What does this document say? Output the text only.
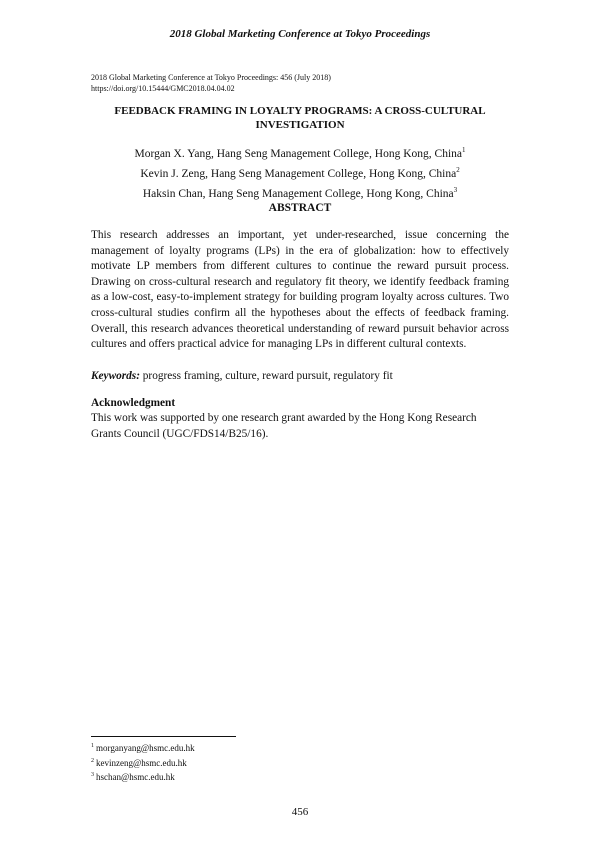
2018 Global Marketing Conference at Tokyo Proceedings
2018 Global Marketing Conference at Tokyo Proceedings: 456 (July 2018)
https://doi.org/10.15444/GMC2018.04.04.02
FEEDBACK FRAMING IN LOYALTY PROGRAMS: A CROSS-CULTURAL INVESTIGATION
Morgan X. Yang, Hang Seng Management College, Hong Kong, China$^1$
Kevin J. Zeng, Hang Seng Management College, Hong Kong, China$^2$
Haksin Chan, Hang Seng Management College, Hong Kong, China$^3$
ABSTRACT
This research addresses an important, yet under-researched, issue concerning the management of loyalty programs (LPs) in the era of globalization: how to effectively motivate LP members from different cultures to continue the reward pursuit process. Drawing on cross-cultural research and regulatory fit theory, we identify feedback framing as a low-cost, easy-to-implement strategy for building program loyalty across cultures. Two cross-cultural studies confirm all the hypotheses about the effects of feedback framing. Overall, this research advances theoretical understanding of reward pursuit behavior across cultures and offers practical advice for managing LPs in different cultural contexts.
Keywords: progress framing, culture, reward pursuit, regulatory fit
Acknowledgment
This work was supported by one research grant awarded by the Hong Kong Research Grants Council (UGC/FDS14/B25/16).
$^1$ morganyang@hsmc.edu.hk
$^2$ kevinzeng@hsmc.edu.hk
$^3$ hschan@hsmc.edu.hk
456
